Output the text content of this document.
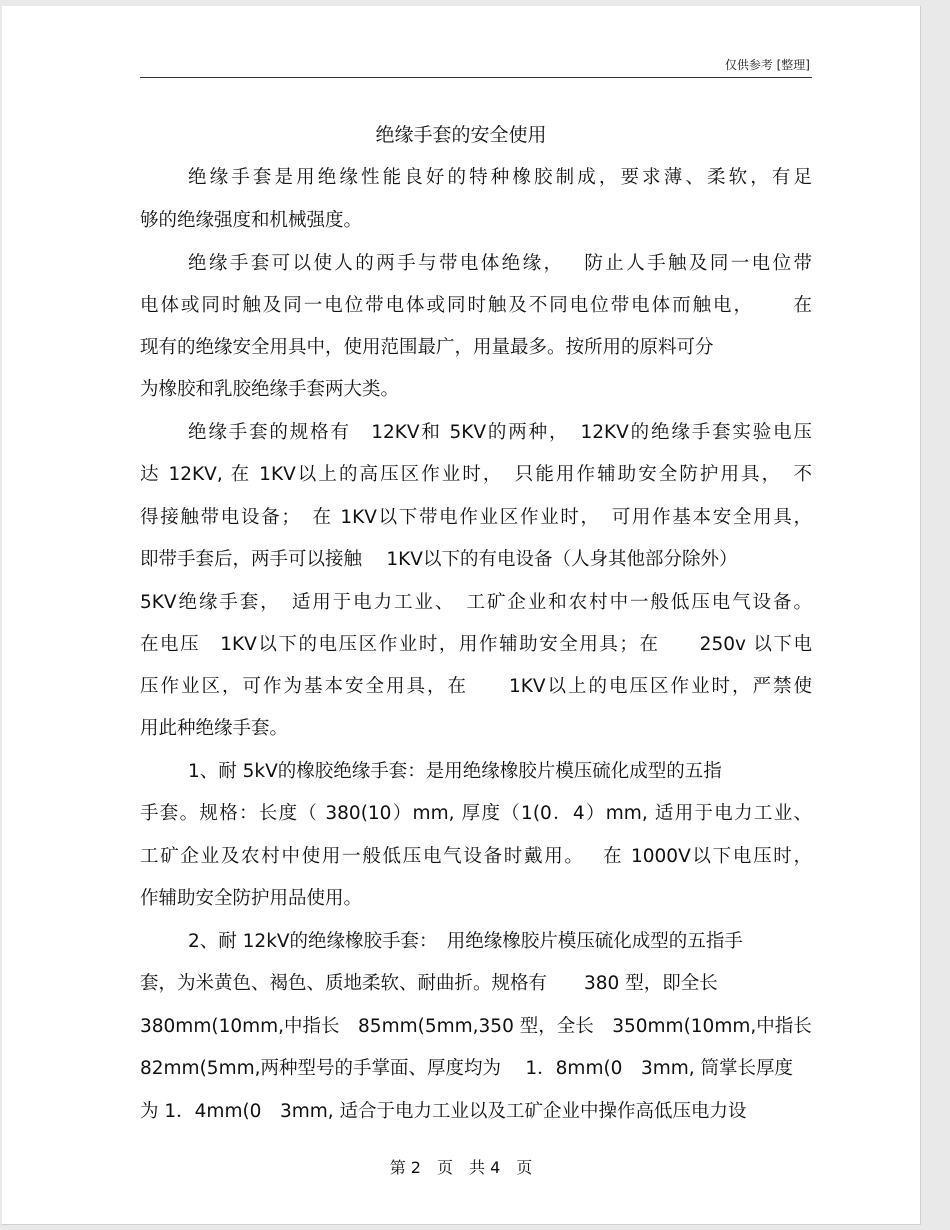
仅供参考 [整理]
绝缘手套的安全使用
绝缘手套是用绝缘性能良好的特种橡胶制成，要求薄、柔软，有足
够的绝缘强度和机械强度。
绝缘手套可以使人的两手与带电体绝缘，　 防止人手触及同一电位带
电体或同时触及同一电位带电体或同时触及不同电位带电体而触电，　　 在
现有的绝缘安全用具中，使用范围最广，用量最多。按所用的原料可分
为橡胶和乳胶绝缘手套两大类。
绝缘手套的规格有　12KV和 5KV的两种，　12KV的绝缘手套实验电压
达 12KV, 在 1KV以上的高压区作业时，　只能用作辅助安全防护用具，　不
得接触带电设备；　在 1KV以下带电作业区作业时，　可用作基本安全用具，
即带手套后，两手可以接触　 1KV以下的有电设备（人身其他部分除外）
5KV绝缘手套，　适用于电力工业、　工矿企业和农村中一般低压电气设备。
在电压　1KV以下的电压区作业时，用作辅助安全用具；在　　250v 以下电
压作业区，可作为基本安全用具，在　　1KV以上的电压区作业时，严禁使
用此种绝缘手套。
1、耐 5kV的橡胶绝缘手套：是用绝缘橡胶片模压硫化成型的五指
手套。规格：长度（ 380(10）mm, 厚度（1(0．4）mm, 适用于电力工业、
工矿企业及农村中使用一般低压电气设备时戴用。　 在 1000V以下电压时，
作辅助安全防护用品使用。
2、耐 12kV的绝缘橡胶手套：　用绝缘橡胶片模压硫化成型的五指手
套，为米黄色、褐色、质地柔软、耐曲折。规格有　　380 型，即全长
380mm(10mm,中指长　85mm(5mm,350 型，全长　350mm(10mm,中指长
82mm(5mm,两种型号的手掌面、厚度均为　 1．8mm(0　3mm, 筒掌长厚度
为 1．4mm(0　3mm, 适合于电力工业以及工矿企业中操作高低压电力设
第 2　页　共 4　页
